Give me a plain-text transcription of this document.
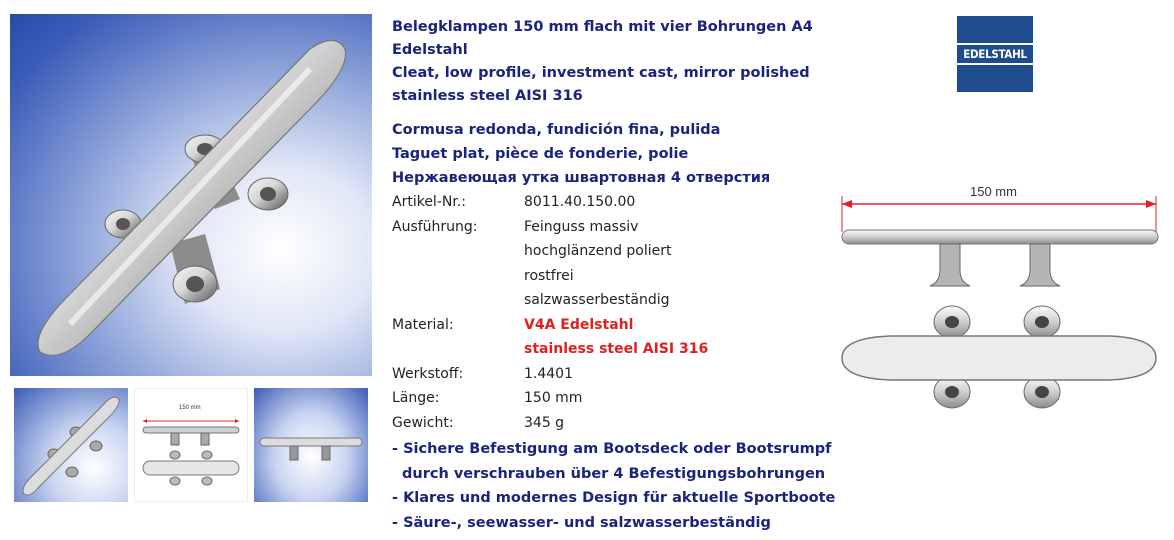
150 mm
Belegklampen 150 mm flach mit vier Bohrungen A4
Edelstahl
Cleat, low profile, investment cast, mirror polished
stainless steel AISI 316
Cormusa redonda, fundición fina, pulida
Taguet plat, pièce de fonderie, polie
Нержавеющая утка швартовная 4 отверстия
Artikel-Nr.:	8011.40.150.00
Ausführung:	Feinguss massiv
hochglänzend poliert
rostfrei
salzwasserbeständig
Material:	V4A Edelstahl
stainless steel AISI 316
Werkstoff:	1.4401
Länge:	150 mm
Gewicht:	345 g
- Sichere Befestigung am Bootsdeck oder Bootsrumpf
durch verschrauben über 4 Befestigungsbohrungen
- Klares und modernes Design für aktuelle Sportboote
- Säure-, seewasser- und salzwasserbeständig
EDELSTAHL
150 mm
